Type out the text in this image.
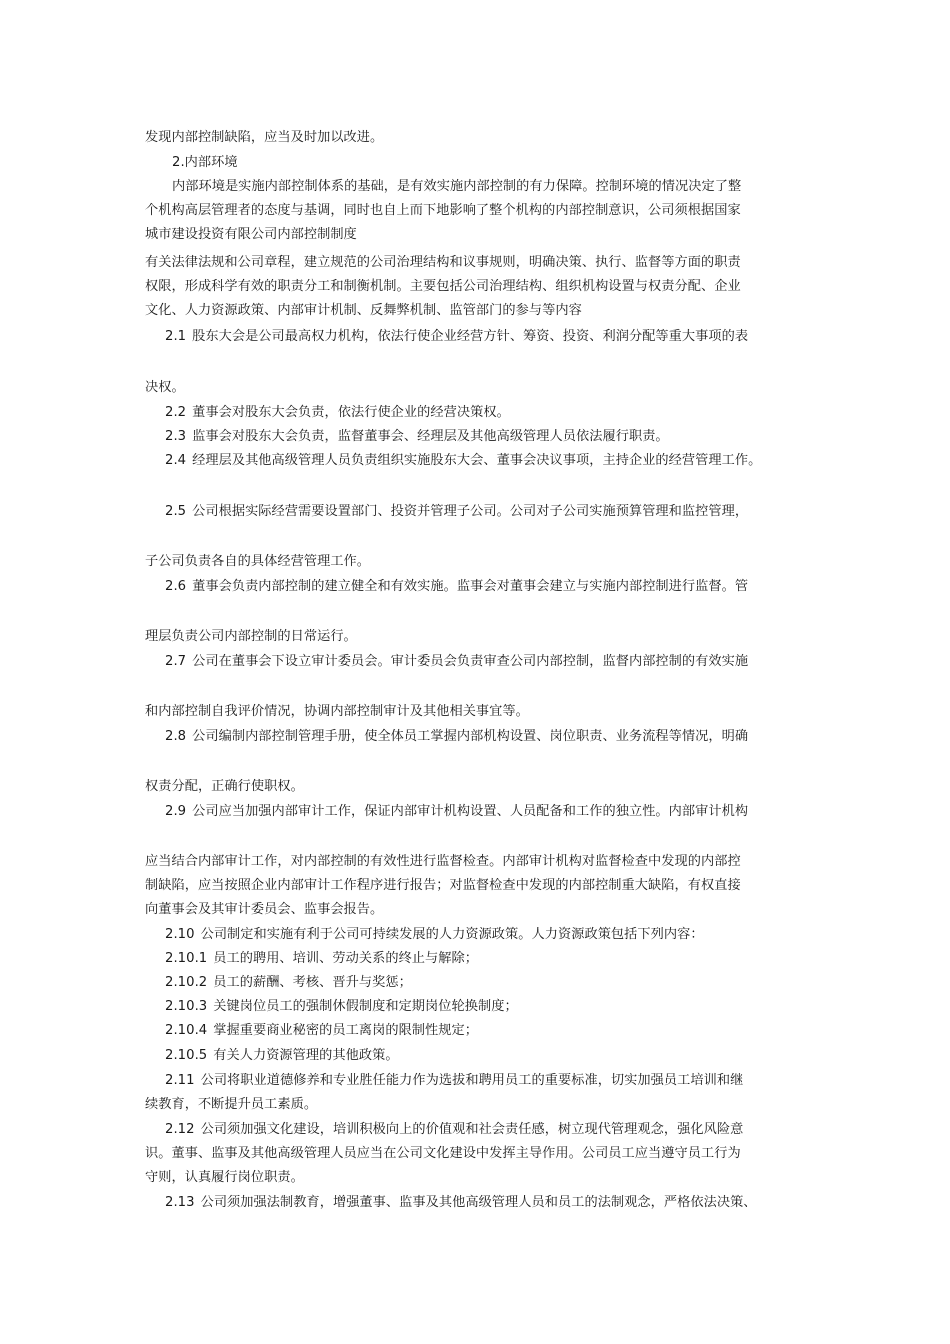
发现内部控制缺陷，应当及时加以改进。
2.内部环境
内部环境是实施内部控制体系的基础，是有效实施内部控制的有力保障。控制环境的情况决定了整
个机构高层管理者的态度与基调，同时也自上而下地影响了整个机构的内部控制意识，公司须根据国家
城市建设投资有限公司内部控制制度
有关法律法规和公司章程，建立规范的公司治理结构和议事规则，明确决策、执行、监督等方面的职责
权限，形成科学有效的职责分工和制衡机制。主要包括公司治理结构、组织机构设置与权责分配、企业
文化、人力资源政策、内部审计机制、反舞弊机制、监管部门的参与等内容
2.1 股东大会是公司最高权力机构，依法行使企业经营方针、筹资、投资、利润分配等重大事项的表
决权。
2.2 董事会对股东大会负责，依法行使企业的经营决策权。
2.3 监事会对股东大会负责，监督董事会、经理层及其他高级管理人员依法履行职责。
2.4 经理层及其他高级管理人员负责组织实施股东大会、董事会决议事项，主持企业的经营管理工作。
2.5 公司根据实际经营需要设置部门、投资并管理子公司。公司对子公司实施预算管理和监控管理，
子公司负责各自的具体经营管理工作。
2.6 董事会负责内部控制的建立健全和有效实施。监事会对董事会建立与实施内部控制进行监督。管
理层负责公司内部控制的日常运行。
2.7 公司在董事会下设立审计委员会。审计委员会负责审查公司内部控制，监督内部控制的有效实施
和内部控制自我评价情况，协调内部控制审计及其他相关事宜等。
2.8 公司编制内部控制管理手册，使全体员工掌握内部机构设置、岗位职责、业务流程等情况，明确
权责分配，正确行使职权。
2.9 公司应当加强内部审计工作，保证内部审计机构设置、人员配备和工作的独立性。内部审计机构
应当结合内部审计工作，对内部控制的有效性进行监督检查。内部审计机构对监督检查中发现的内部控
制缺陷，应当按照企业内部审计工作程序进行报告；对监督检查中发现的内部控制重大缺陷，有权直接
向董事会及其审计委员会、监事会报告。
2.10 公司制定和实施有利于公司可持续发展的人力资源政策。人力资源政策包括下列内容：
2.10.1 员工的聘用、培训、劳动关系的终止与解除；
2.10.2 员工的薪酬、考核、晋升与奖惩；
2.10.3 关键岗位员工的强制休假制度和定期岗位轮换制度；
2.10.4 掌握重要商业秘密的员工离岗的限制性规定；
2.10.5 有关人力资源管理的其他政策。
2.11 公司将职业道德修养和专业胜任能力作为选拔和聘用员工的重要标准，切实加强员工培训和继
续教育，不断提升员工素质。
2.12 公司须加强文化建设，培训积极向上的价值观和社会责任感，树立现代管理观念，强化风险意
识。董事、监事及其他高级管理人员应当在公司文化建设中发挥主导作用。公司员工应当遵守员工行为
守则，认真履行岗位职责。
2.13 公司须加强法制教育，增强董事、监事及其他高级管理人员和员工的法制观念，严格依法决策、
